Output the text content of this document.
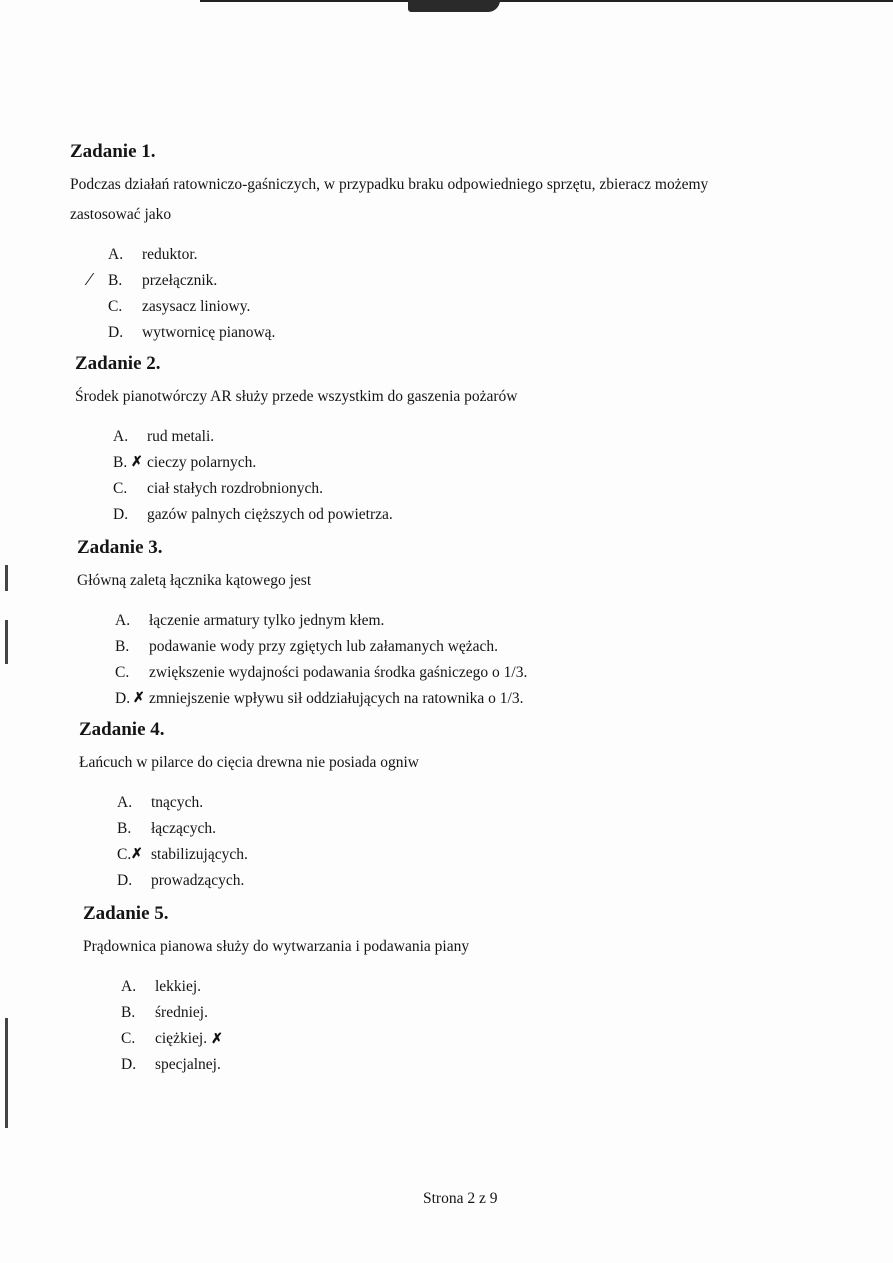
Zadanie 1.

Podczas działań ratowniczo-gaśniczych, w przypadku braku odpowiedniego sprzętu, zbieracz możemy
zastosować jako

A. reduktor.
⁄ B. przełącznik.
C. zasysacz liniowy.
D. wytwornicę pianową.
Zadanie 2.

Środek pianotwórczy AR służy przede wszystkim do gaszenia pożarów

A. rud metali.
✗
B. cieczy polarnych.
C. ciał stałych rozdrobnionych.
D. gazów palnych cięższych od powietrza.
Zadanie 3.

Główną zaletą łącznika kątowego jest

A. łączenie armatury tylko jednym kłem.
B. podawanie wody przy zgiętych lub załamanych wężach.
C. zwiększenie wydajności podawania środka gaśniczego o 1/3.
✗
D. zmniejszenie wpływu sił oddziałujących na ratownika o 1/3.
Zadanie 4.

Łańcuch w pilarce do cięcia drewna nie posiada ogniw

A. tnących.
B. łączących.
✗
C. stabilizujących.
D. prowadzących.
Zadanie 5.

Prądownica pianowa służy do wytwarzania i podawania piany

A. lekkiej.
B. średniej.
C. ciężkiej. ✗
D. specjalnej.
Strona 2 z 9
